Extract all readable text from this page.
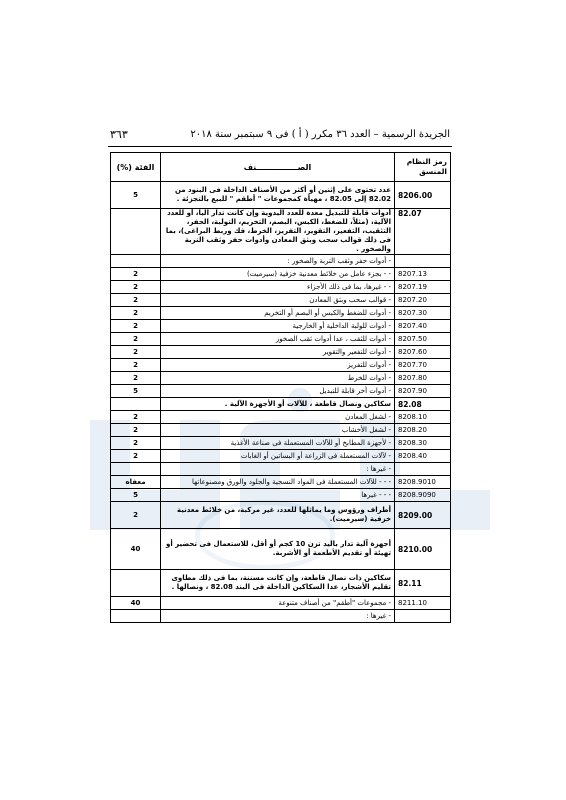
الجريدة الرسمية – العدد ٣٦ مكرر ( أ ) فى ٩ سبتمبر سنة ٢٠١٨
٣٦٣
رمز النظام المنسق	الصـــــــــــــــنف	الفئة (%)
8206.00	عدد تحتوى على إثنين أو أكثر من الأصناف الداخلة فى البنود من 82.02 إلى 82.05 ، مهيأة كمجموعات " أطقم " للبيع بالتجزئة .	5
82.07	أدوات قابلة للتبديل معدة للعدد اليدوية وإن كانت تدار آليا، أو للعدد الآلية، (مثلاً، للضغط، الكبس، البصم، التخريم، التولبة، الحفر، التثقيب، التفعير، التقوير، التفريز، الخرط، فك وربط البراغى)، بما فى ذلك قوالب سحب وبثق المعادن وأدوات حفر وثقب التربة والصخور .	
	- أدوات حفر وثقب التربة والصخور :	
8207.13	- - بجزء عامل من خلائط معدنية خزفية (سيرميت)	2
8207.19	- - غيرها، بما فى ذلك الأجزاء	2
8207.20	- قوالب سحب وبثق المعادن	2
8207.30	- أدوات للضغط والكبس أو البصم أو التخريم	2
8207.40	- أدوات للولبة الداخلية أو الخارجية	2
8207.50	- أدوات للثقب ، عدا أدوات ثقب الصخور	2
8207.60	- أدوات للتفعير والتقوير	2
8207.70	- أدوات للتفريز	2
8207.80	- أدوات للخرط	2
8207.90	- أدوات أخر قابلة للتبديل	5
82.08	سكاكين ونصال قاطعة ، للآلات أو الأجهزة الآلية .	
8208.10	- لشغل المعادن	2
8208.20	- لشغل الأخشاب	2
8208.30	- لأجهزة المطابخ أو للآلات المستعملة فى صناعة الأغذية	2
8208.40	- لآلات المستعملة فى الزراعة أو البساتين أو الغابات	2
	- غيرها :	
8208.9010	- - - للآلات المستعملة فى المواد النسجية والجلود والورق ومصنوعاتها	معفاه
8208.9090	- - - غيرها	5
8209.00	أطراف ورؤوس وما يماثلها للعدد، غير مركبة، من خلائط معدنية خزفية (سيرميت).	2
8210.00	أجهزة آلية تدار باليد تزن 10 كجم أو أقل، للاستعمال فى تحضير أو تهيئة أو تقديم الأطعمة أو الأشربة.	40
82.11	سكاكين ذات نصال قاطعة، وإن كانت مسننة، بما فى ذلك مطاوى تقليم الأشجار، عدا السكاكين الداخلة فى البند 82.08 ، ونصالها .	
8211.10	- مجموعات "أطقم" من أصناف متنوعة	40
	- غيرها :	
